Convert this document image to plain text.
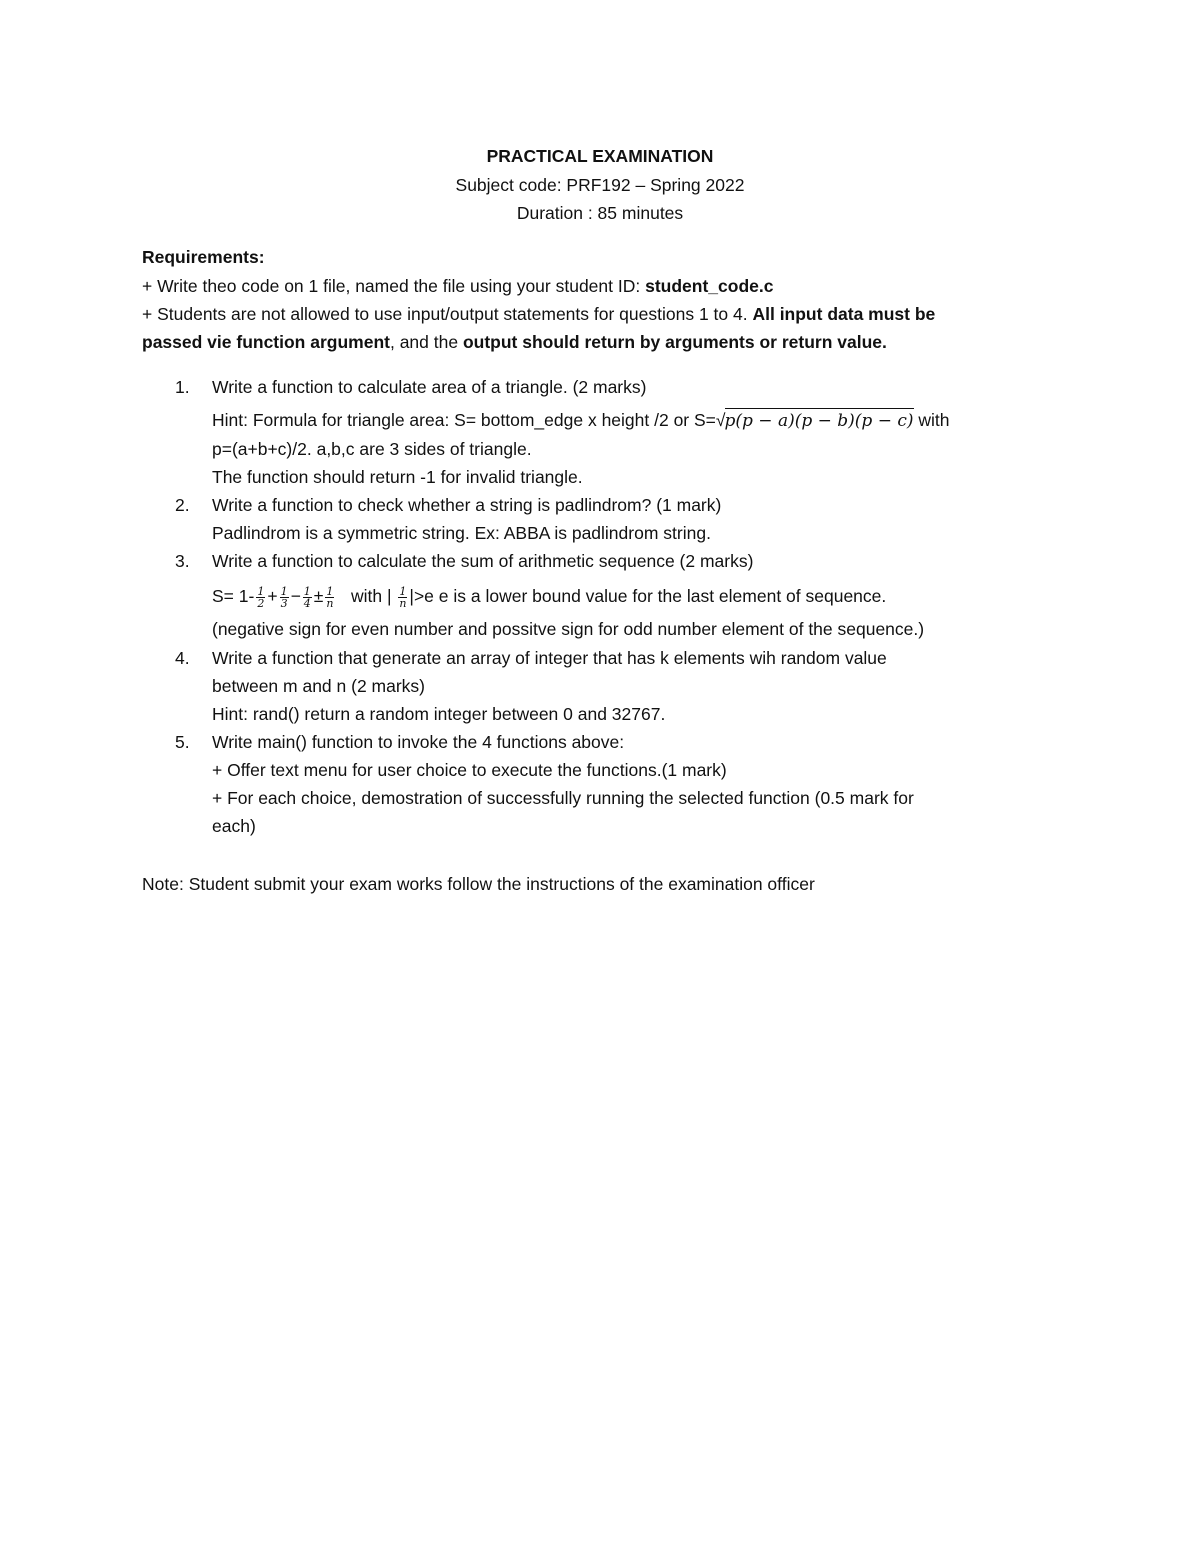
PRACTICAL EXAMINATION
Subject code: PRF192 – Spring 2022
Duration : 85 minutes
Requirements:
+ Write theo code on 1 file, named the file using your student ID: student_code.c
+ Students are not allowed to use input/output statements for questions 1 to 4. All input data must be
passed vie function argument, and the output should return by arguments or return value.
1.	Write a function to calculate area of a triangle. (2 marks)
Hint: Formula for triangle area: S= bottom_edge x height /2 or S=√p(p − a)(p − b)(p − c) with
p=(a+b+c)/2. a,b,c are 3 sides of triangle.
The function should return -1 for invalid triangle.
2.	Write a function to check whether a string is padlindrom? (1 mark)
Padlindrom is a symmetric string. Ex: ABBA is padlindrom string.
3.	Write a function to calculate the sum of arithmetic sequence (2 marks)
$S= 1- \frac{1}{2} + \frac{1}{3} - \frac{1}{4} \pm \frac{1}{n}$ with | $\frac{1}{n} |>e$ e is a lower bound value for the last element of sequence.
(negative sign for even number and possitve sign for odd number element of the sequence.)
4.	Write a function that generate an array of integer that has k elements wih random value
between m and n (2 marks)
Hint: rand() return a random integer between 0 and 32767.
5.	Write main() function to invoke the 4 functions above:
+ Offer text menu for user choice to execute the functions.(1 mark)
+ For each choice, demostration of successfully running the selected function (0.5 mark for
each)
Note: Student submit your exam works follow the instructions of the examination officer
